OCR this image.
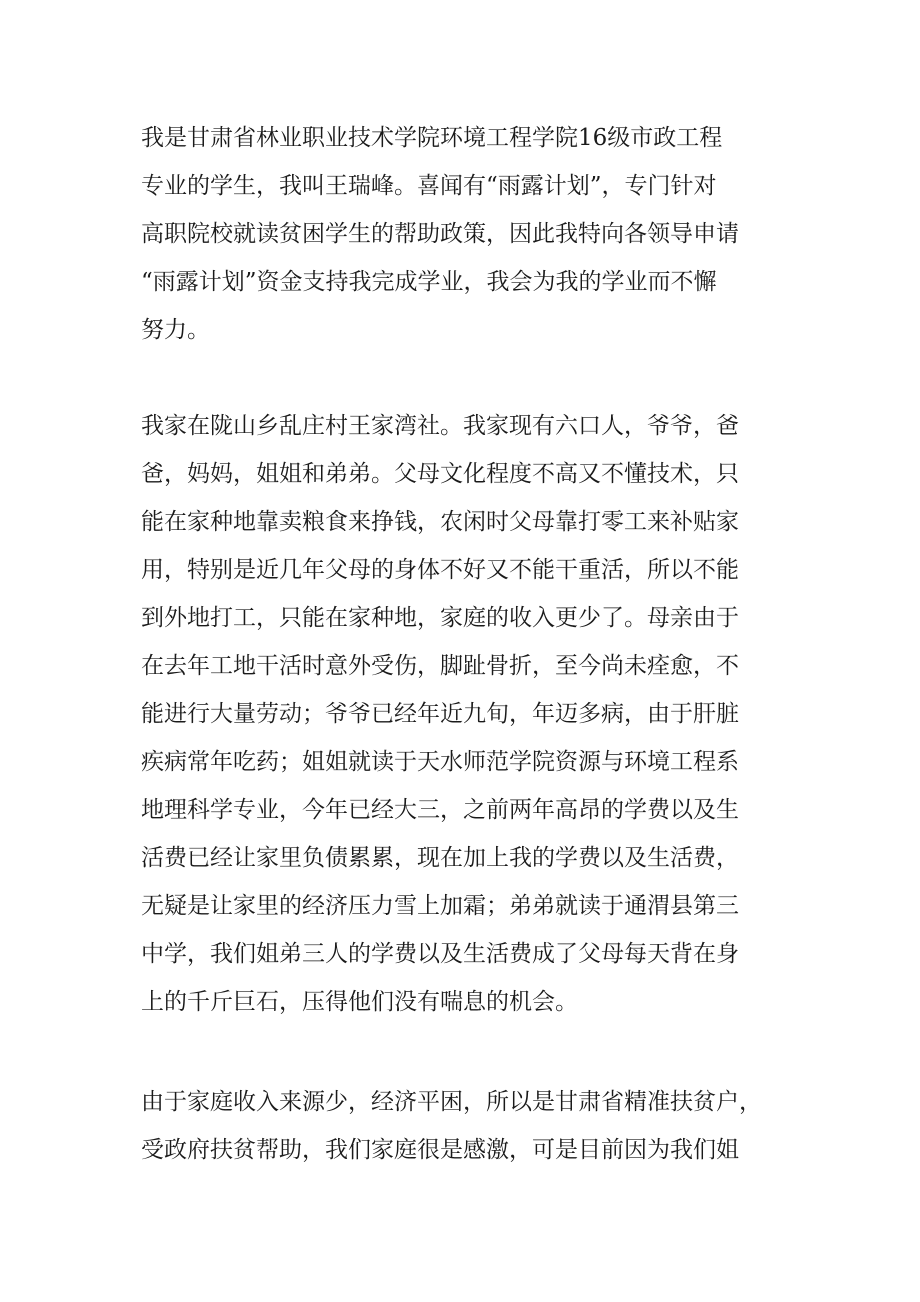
我是甘肃省林业职业技术学院环境工程学院16级市政工程
专业的学生，我叫王瑞峰。喜闻有“雨露计划”，专门针对
高职院校就读贫困学生的帮助政策，因此我特向各领导申请
“雨露计划”资金支持我完成学业，我会为我的学业而不懈
努力。
我家在陇山乡乱庄村王家湾社。我家现有六口人，爷爷，爸
爸，妈妈，姐姐和弟弟。父母文化程度不高又不懂技术，只
能在家种地靠卖粮食来挣钱，农闲时父母靠打零工来补贴家
用，特别是近几年父母的身体不好又不能干重活，所以不能
到外地打工，只能在家种地，家庭的收入更少了。母亲由于
在去年工地干活时意外受伤，脚趾骨折，至今尚未痊愈，不
能进行大量劳动；爷爷已经年近九旬，年迈多病，由于肝脏
疾病常年吃药；姐姐就读于天水师范学院资源与环境工程系
地理科学专业，今年已经大三，之前两年高昂的学费以及生
活费已经让家里负债累累，现在加上我的学费以及生活费，
无疑是让家里的经济压力雪上加霜；弟弟就读于通渭县第三
中学，我们姐弟三人的学费以及生活费成了父母每天背在身
上的千斤巨石，压得他们没有喘息的机会。
由于家庭收入来源少，经济平困，所以是甘肃省精准扶贫户，
受政府扶贫帮助，我们家庭很是感激，可是目前因为我们姐
